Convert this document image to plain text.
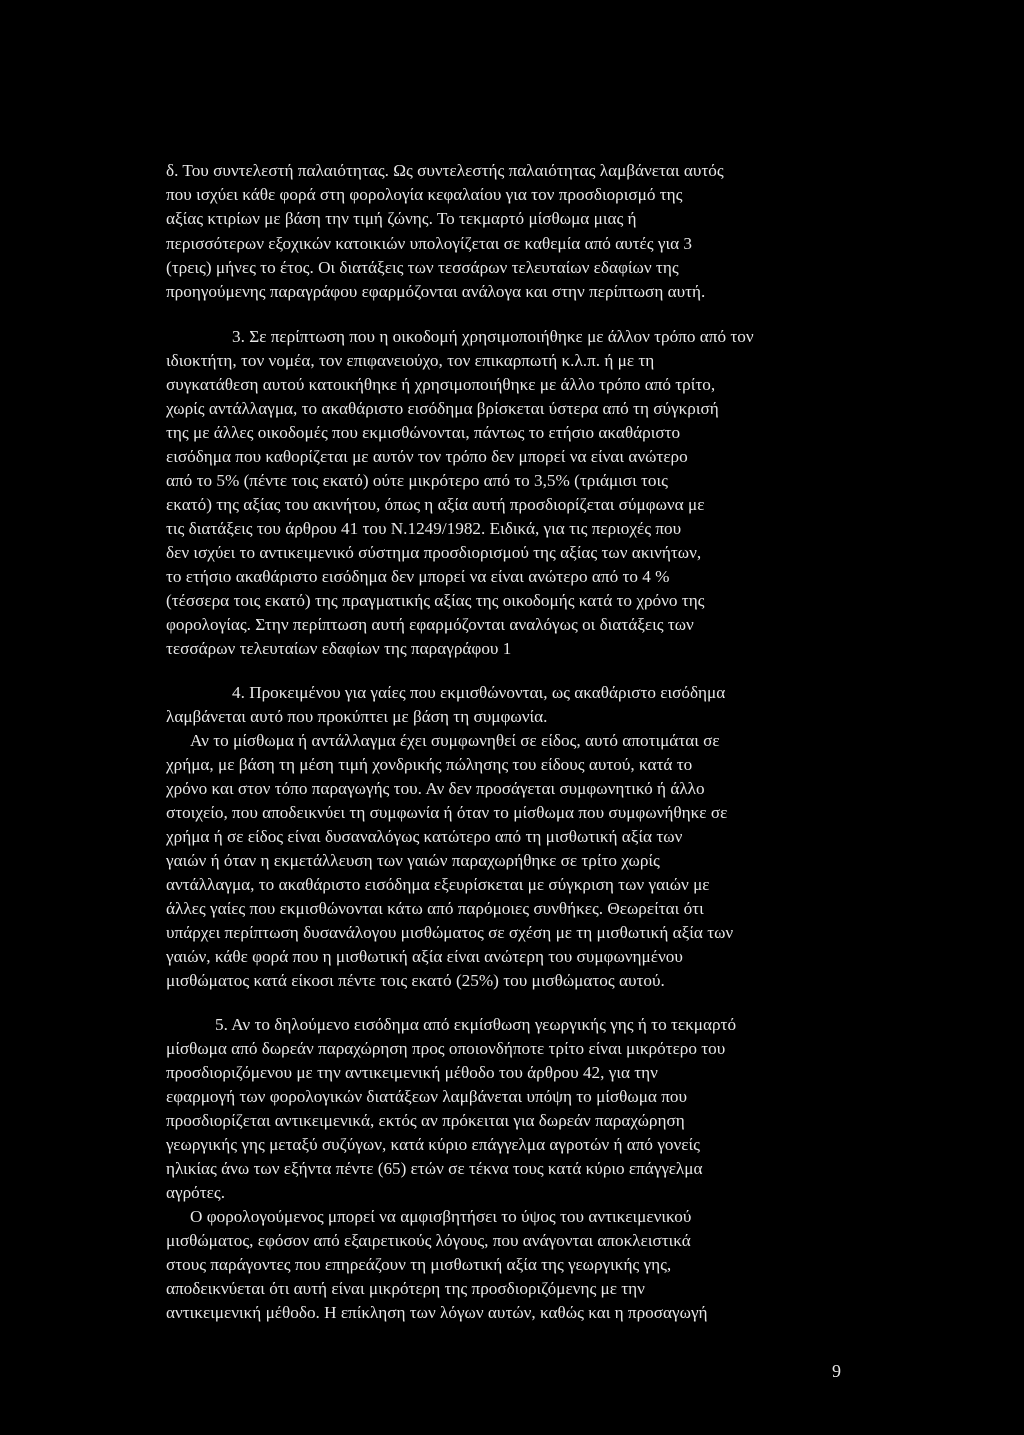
δ. Του συντελεστή παλαιότητας. Ως συντελεστής παλαιότητας λαμβάνεται αυτός
που ισχύει κάθε φορά στη φορολογία κεφαλαίου για τον προσδιορισμό της
αξίας κτιρίων με βάση την τιμή ζώνης. Το τεκμαρτό μίσθωμα μιας ή
περισσότερων εξοχικών κατοικιών υπολογίζεται σε καθεμία από αυτές για 3
(τρεις) μήνες το έτος. Οι διατάξεις των τεσσάρων τελευταίων εδαφίων της
προηγούμενης παραγράφου εφαρμόζονται ανάλογα και στην περίπτωση αυτή.
3. Σε περίπτωση που η οικοδομή χρησιμοποιήθηκε με άλλον τρόπο από τον
ιδιοκτήτη, τον νομέα, τον επιφανειούχο, τον επικαρπωτή κ.λ.π. ή με τη
συγκατάθεση αυτού κατοικήθηκε ή χρησιμοποιήθηκε με άλλο τρόπο από τρίτο,
χωρίς αντάλλαγμα, το ακαθάριστο εισόδημα βρίσκεται ύστερα από τη σύγκρισή
της με άλλες οικοδομές που εκμισθώνονται, πάντως το ετήσιο ακαθάριστο
εισόδημα που καθορίζεται με αυτόν τον τρόπο δεν μπορεί να είναι ανώτερο
από το 5% (πέντε τοις εκατό) ούτε μικρότερο από το 3,5% (τριάμισι τοις
εκατό) της αξίας του ακινήτου, όπως η αξία αυτή προσδιορίζεται σύμφωνα με
τις διατάξεις του άρθρου 41 του Ν.1249/1982. Ειδικά, για τις περιοχές που
δεν ισχύει το αντικειμενικό σύστημα προσδιορισμού της αξίας των ακινήτων,
το ετήσιο ακαθάριστο εισόδημα δεν μπορεί να είναι ανώτερο από το 4 %
(τέσσερα τοις εκατό) της πραγματικής αξίας της οικοδομής κατά το χρόνο της
φορολογίας. Στην περίπτωση αυτή εφαρμόζονται αναλόγως οι διατάξεις των
τεσσάρων τελευταίων εδαφίων της παραγράφου 1
4. Προκειμένου για γαίες που εκμισθώνονται, ως ακαθάριστο εισόδημα
λαμβάνεται αυτό που προκύπτει με βάση τη συμφωνία.
Αν το μίσθωμα ή αντάλλαγμα έχει συμφωνηθεί σε είδος, αυτό αποτιμάται σε
χρήμα, με βάση τη μέση τιμή χονδρικής πώλησης του είδους αυτού, κατά το
χρόνο και στον τόπο παραγωγής του. Αν δεν προσάγεται συμφωνητικό ή άλλο
στοιχείο, που αποδεικνύει τη συμφωνία ή όταν το μίσθωμα που συμφωνήθηκε σε
χρήμα ή σε είδος είναι δυσαναλόγως κατώτερο από τη μισθωτική αξία των
γαιών ή όταν η εκμετάλλευση των γαιών παραχωρήθηκε σε τρίτο χωρίς
αντάλλαγμα, το ακαθάριστο εισόδημα εξευρίσκεται με σύγκριση των γαιών με
άλλες γαίες που εκμισθώνονται κάτω από παρόμοιες συνθήκες. Θεωρείται ότι
υπάρχει περίπτωση δυσανάλογου μισθώματος σε σχέση με τη μισθωτική αξία των
γαιών, κάθε φορά που η μισθωτική αξία είναι ανώτερη του συμφωνημένου
μισθώματος κατά είκοσι πέντε τοις εκατό (25%) του μισθώματος αυτού.
5. Αν το δηλούμενο εισόδημα από εκμίσθωση γεωργικής γης ή το τεκμαρτό
μίσθωμα από δωρεάν παραχώρηση προς οποιονδήποτε τρίτο είναι μικρότερο του
προσδιοριζόμενου με την αντικειμενική μέθοδο του άρθρου 42, για την
εφαρμογή των φορολογικών διατάξεων λαμβάνεται υπόψη το μίσθωμα που
προσδιορίζεται αντικειμενικά, εκτός αν πρόκειται για δωρεάν παραχώρηση
γεωργικής γης μεταξύ συζύγων, κατά κύριο επάγγελμα αγροτών ή από γονείς
ηλικίας άνω των εξήντα πέντε (65) ετών σε τέκνα τους κατά κύριο επάγγελμα
αγρότες.
Ο φορολογούμενος μπορεί να αμφισβητήσει το ύψος του αντικειμενικού
μισθώματος, εφόσον από εξαιρετικούς λόγους, που ανάγονται αποκλειστικά
στους παράγοντες που επηρεάζουν τη μισθωτική αξία της γεωργικής γης,
αποδεικνύεται ότι αυτή είναι μικρότερη της προσδιοριζόμενης με την
αντικειμενική μέθοδο. Η επίκληση των λόγων αυτών, καθώς και η προσαγωγή
9
